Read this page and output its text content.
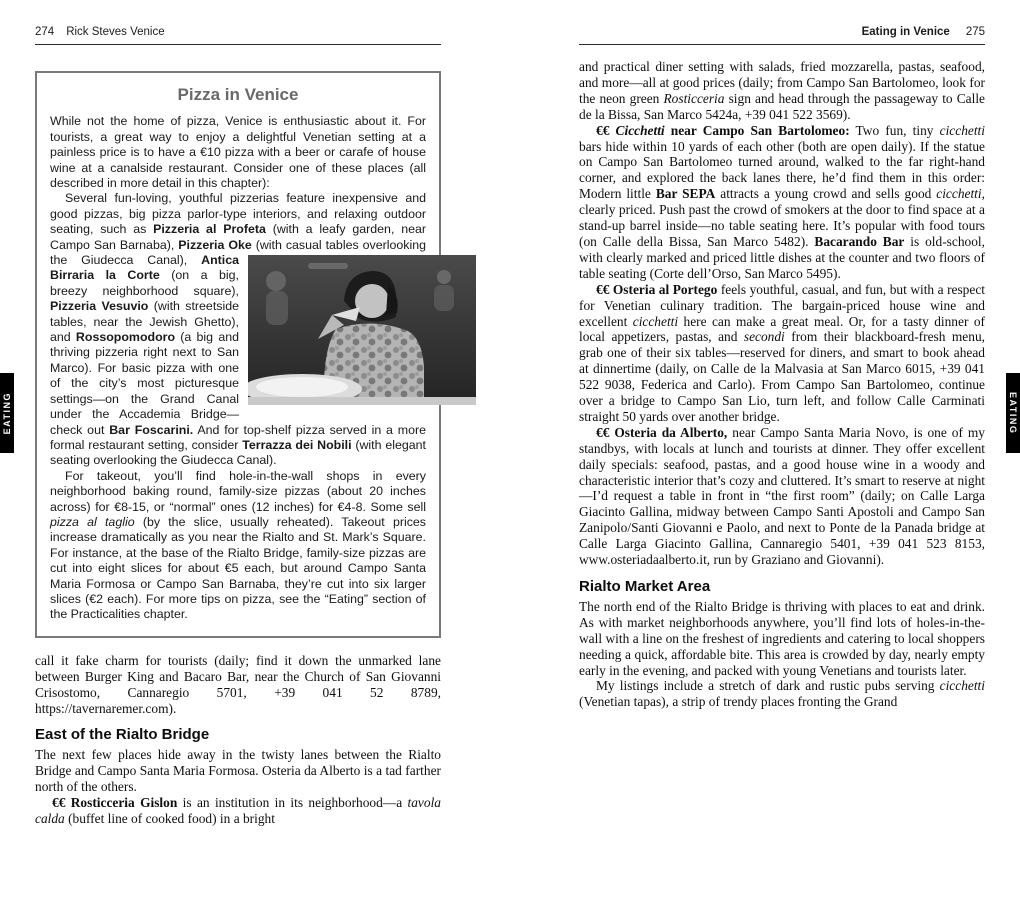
274 Rick Steves Venice
Pizza in Venice

While not the home of pizza, Venice is enthusiastic about it. For tourists, a great way to enjoy a delightful Venetian setting at a painless price is to have a €10 pizza with a beer or carafe of house wine at a canalside restaurant. Consider one of these places (all described in more detail in this chapter):

Several fun-loving, youthful pizzerias feature inexpensive and good pizzas, big pizza parlor-type interiors, and relaxing outdoor seating, such as Pizzeria al Profeta (with a leafy garden, near Campo San Barnaba), Pizzeria Oke (with casual
tables overlooking the Giudecca Canal), Antica Birraria la Corte (on a big, breezy neighborhood square), Pizzeria Vesuvio (with streetside tables, near the Jewish Ghetto), and Rossopomodoro (a big and thriving pizzeria right next to San Marco). For basic pizza with one of the city’s most picturesque settings—on the Grand Canal under the Accademia Bridge—check out Bar Foscarini. And for top-shelf pizza served in a more formal restaurant setting, consider Terrazza dei Nobili (with elegant seating overlooking the Giudecca Canal).

For takeout, you’ll find hole-in-the-wall shops in every neighborhood baking round, family-size pizzas (about 20 inches across) for €8-15, or “normal” ones (12 inches) for €4-8. Some sell pizza al taglio (by the slice, usually reheated). Takeout prices increase dramatically as you near the Rialto and St. Mark’s Square. For instance, at the base of the Rialto Bridge, family-size pizzas are cut into eight slices for about €5 each, but around Campo Santa Maria Formosa or Campo San Barnaba, they’re cut into six larger slices (€2 each). For more tips on pizza, see the “Eating” section of the Practicalities chapter.

call it fake charm for tourists (daily; find it down the unmarked lane between Burger King and Bacaro Bar, near the Church of San Giovanni Crisostomo, Cannaregio 5701, +39 041 52 8789, https://tavernaremer.com).

East of the Rialto Bridge

The next few places hide away in the twisty lanes between the Rialto Bridge and Campo Santa Maria Formosa. Osteria da Alberto is a tad farther north of the others.

€€ Rosticceria Gislon is an institution in its neighborhood—a tavola calda (buffet line of cooked food) in a bright

Eating in Venice 275

and practical diner setting with salads, fried mozzarella, pastas, seafood, and more—all at good prices (daily; from Campo San Bartolomeo, look for the neon green Rosticceria sign and head through the passageway to Calle de la Bissa, San Marco 5424a, +39 041 522 3569).

€€ Cicchetti near Campo San Bartolomeo: Two fun, tiny cicchetti bars hide within 10 yards of each other (both are open daily). If the statue on Campo San Bartolomeo turned around, walked to the far right-hand corner, and explored the back lanes there, he’d find them in this order: Modern little Bar SEPA attracts a young crowd and sells good cicchetti, clearly priced. Push past the crowd of smokers at the door to find space at a stand-up barrel inside—no table seating here. It’s popular with food tours (on Calle della Bissa, San Marco 5482). Bacarando Bar is old-school, with clearly marked and priced little dishes at the counter and two floors of table seating (Corte dell’Orso, San Marco 5495).

€€ Osteria al Portego feels youthful, casual, and fun, but with a respect for Venetian culinary tradition. The bargain-priced house wine and excellent cicchetti here can make a great meal. Or, for a tasty dinner of local appetizers, pastas, and secondi from their blackboard-fresh menu, grab one of their six tables—reserved for diners, and smart to book ahead at dinnertime (daily, on Calle de la Malvasia at San Marco 6015, +39 041 522 9038, Federica and Carlo). From Campo San Bartolomeo, continue over a bridge to Campo San Lio, turn left, and follow Calle Carminati straight 50 yards over another bridge.

€€ Osteria da Alberto, near Campo Santa Maria Novo, is one of my standbys, with locals at lunch and tourists at dinner. They offer excellent daily specials: seafood, pastas, and a good house wine in a woody and characteristic interior that’s cozy and cluttered. It’s smart to reserve at night—I’d request a table in front in “the first room” (daily; on Calle Larga Giacinto Gallina, midway between Campo Santi Apostoli and Campo San Zanipolo/Santi Giovanni e Paolo, and next to Ponte de la Panada bridge at Calle Larga Giacinto Gallina, Cannaregio 5401, +39 041 523 8153, www.osteriadaalberto.it, run by Graziano and Giovanni).

Rialto Market Area

The north end of the Rialto Bridge is thriving with places to eat and drink. As with market neighborhoods anywhere, you’ll find lots of holes-in-the-wall with a line on the freshest of ingredients and catering to local shoppers needing a quick, affordable bite. This area is crowded by day, nearly empty early in the evening, and packed with young Venetians and tourists later.

My listings include a stretch of dark and rustic pubs serving cicchetti (Venetian tapas), a strip of trendy places fronting the Grand

EATING	EATING
